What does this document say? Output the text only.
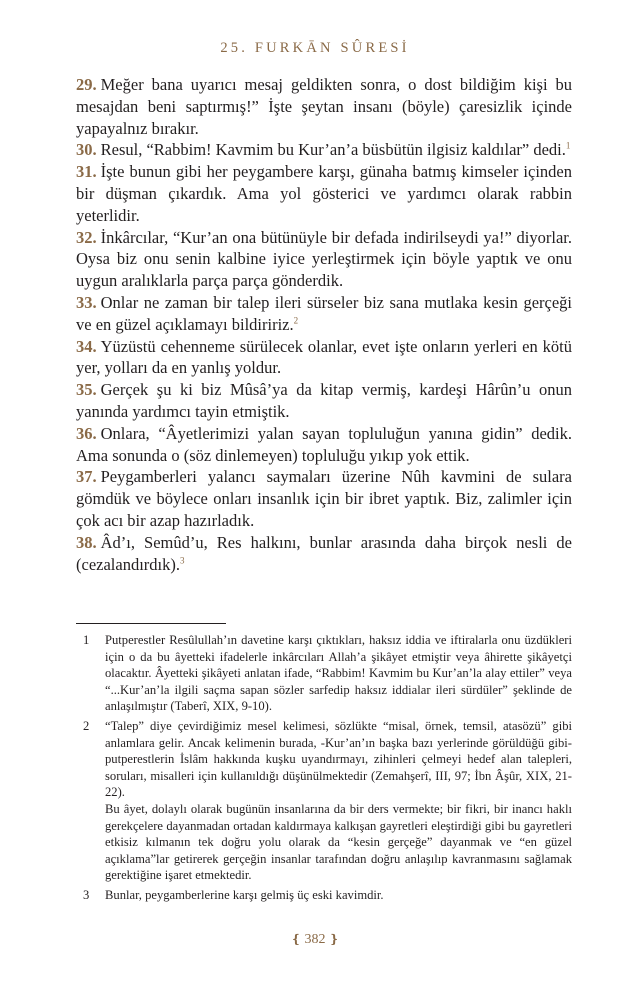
25. FURKĀN SÛRESİ

29. Meğer bana uyarıcı mesaj geldikten sonra, o dost bildiğim kişi bu mesajdan beni saptırmış!” İşte şeytan insanı (böyle) çaresizlik içinde yapayalnız bırakır.

30. Resul, “Rabbim! Kavmim bu Kur’an’a büsbütün ilgisiz kaldılar” dedi.$^1$

31. İşte bunun gibi her peygambere karşı, günaha batmış kimseler içinden bir düşman çıkardık. Ama yol gösterici ve yardımcı olarak rabbin yeterlidir.

32. İnkârcılar, “Kur’an ona bütünüyle bir defada indirilseydi ya!” diyorlar. Oysa biz onu senin kalbine iyice yerleştirmek için böyle yaptık ve onu uygun aralıklarla parça parça gönderdik.

33. Onlar ne zaman bir talep ileri sürseler biz sana mutlaka kesin gerçeği ve en güzel açıklamayı bildiririz.$^2$

34. Yüzüstü cehenneme sürülecek olanlar, evet işte onların yerleri en kötü yer, yolları da en yanlış yoldur.

35. Gerçek şu ki biz Mûsâ’ya da kitap vermiş, kardeşi Hârûn’u onun yanında yardımcı tayin etmiştik.

36. Onlara, “Âyetlerimizi yalan sayan topluluğun yanına gidin” dedik. Ama sonunda o (söz dinlemeyen) topluluğu yıkıp yok ettik.

37. Peygamberleri yalancı saymaları üzerine Nûh kavmini de sulara gömdük ve böylece onları insanlık için bir ibret yaptık. Biz, zalimler için çok acı bir azap hazırladık.

38. Âd’ı, Semûd’u, Res halkını, bunlar arasında daha birçok nesli de (cezalandırdık).$^3$

1	Putperestler Resûlullah’ın davetine karşı çıktıkları, haksız iddia ve iftiralarla onu üzdükleri için o da bu âyetteki ifadelerle inkârcıları Allah’a şikâyet etmiştir veya âhirette şikâyetçi olacaktır. Âyetteki şikâyeti anlatan ifade, “Rabbim! Kavmim bu Kur’an’la alay ettiler” veya “...Kur’an’la ilgili saçma sapan sözler sarfedip haksız iddialar ileri sürdüler” şeklinde de anlaşılmıştır (Taberî, XIX, 9-10).

2	“Talep” diye çevirdiğimiz mesel kelimesi, sözlükte “misal, örnek, temsil, atasözü” gibi anlamlara gelir. Ancak kelimenin burada, -Kur’an’ın başka bazı yerlerinde görüldüğü gibi- putperestlerin İslâm hakkında kuşku uyandırmayı, zihinleri çelmeyi hedef alan talepleri, soruları, misalleri için kullanıldığı düşünülmektedir (Zemahşerî, III, 97; İbn Âşûr, XIX, 21-22).

Bu âyet, dolaylı olarak bugünün insanlarına da bir ders vermekte; bir fikri, bir inancı haklı gerekçelere dayanmadan ortadan kaldırmaya kalkışan gayretleri eleştirdiği gibi bu gayretleri etkisiz kılmanın tek doğru yolu olarak da “kesin gerçeğe” dayanmak ve “en güzel açıklama”lar getirerek gerçeğin insanlar tarafından doğru anlaşılıp kavranmasını sağlamak gerektiğine işaret etmektedir.

3	Bunlar, peygamberlerine karşı gelmiş üç eski kavimdir.

❴ 382 ❵
